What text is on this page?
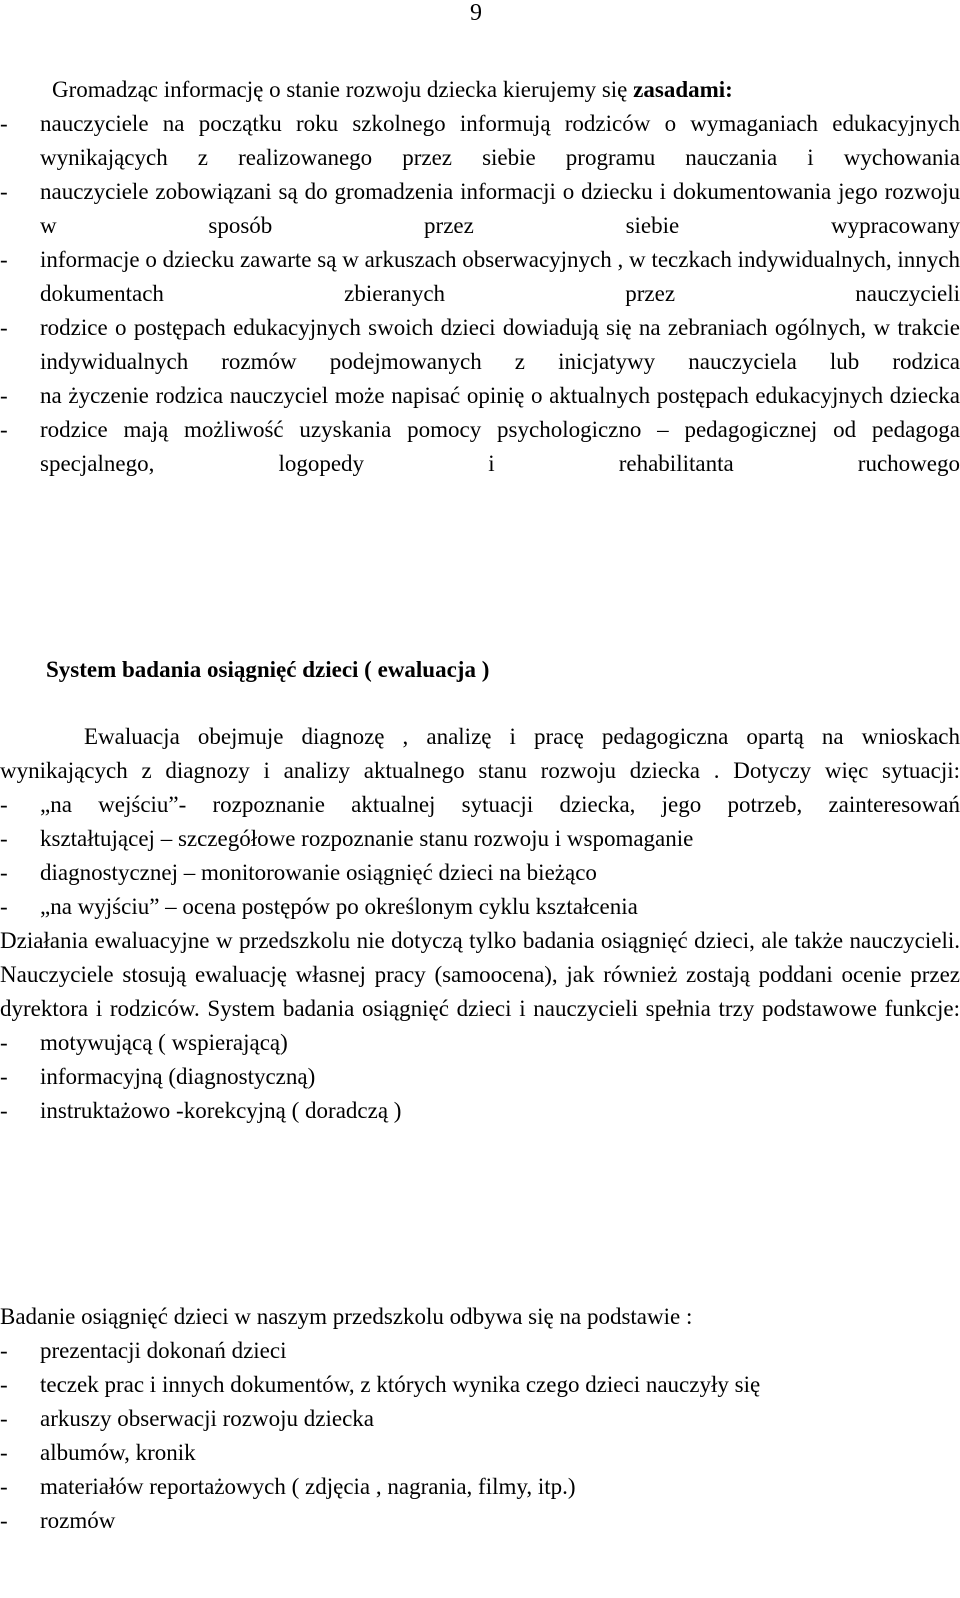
9
Gromadząc informację o stanie rozwoju dziecka kierujemy się zasadami:
- nauczyciele na początku roku szkolnego informują rodziców o wymaganiach edukacyjnych wynikających z realizowanego przez siebie programu nauczania i wychowania
- nauczyciele zobowiązani są do gromadzenia informacji o dziecku i dokumentowania jego rozwoju w sposób przez siebie wypracowany
- informacje o dziecku zawarte są w arkuszach obserwacyjnych , w teczkach indywidualnych, innych dokumentach zbieranych przez nauczycieli
- rodzice o postępach edukacyjnych swoich dzieci dowiadują się na zebraniach ogólnych, w trakcie indywidualnych rozmów podejmowanych z inicjatywy nauczyciela lub rodzica
- na życzenie rodzica nauczyciel może napisać opinię o aktualnych postępach edukacyjnych dziecka
- rodzice mają możliwość uzyskania pomocy psychologiczno – pedagogicznej od pedagoga specjalnego, logopedy i rehabilitanta ruchowego
System badania osiągnięć dzieci ( ewaluacja )
Ewaluacja obejmuje diagnozę , analizę i pracę pedagogiczna opartą na wnioskach wynikających z diagnozy i analizy aktualnego stanu rozwoju dziecka . Dotyczy więc sytuacji:
- „na wejściu”- rozpoznanie aktualnej sytuacji dziecka, jego potrzeb, zainteresowań
- kształtującej – szczegółowe rozpoznanie stanu rozwoju i wspomaganie
- diagnostycznej – monitorowanie osiągnięć dzieci na bieżąco
- „na wyjściu” – ocena postępów po określonym cyklu kształcenia
Działania ewaluacyjne w przedszkolu nie dotyczą tylko badania osiągnięć dzieci, ale także nauczycieli. Nauczyciele stosują ewaluację własnej pracy (samoocena), jak również zostają poddani ocenie przez dyrektora i rodziców. System badania osiągnięć dzieci i nauczycieli spełnia trzy podstawowe funkcje:
- motywującą ( wspierającą)
- informacyjną (diagnostyczną)
- instruktażowo -korekcyjną ( doradczą )
Badanie osiągnięć dzieci w naszym przedszkolu odbywa się na podstawie :
- prezentacji dokonań dzieci
- teczek prac i innych dokumentów, z których wynika czego dzieci nauczyły się
- arkuszy obserwacji rozwoju dziecka
- albumów, kronik
- materiałów reportażowych ( zdjęcia , nagrania, filmy, itp.)
- rozmów
